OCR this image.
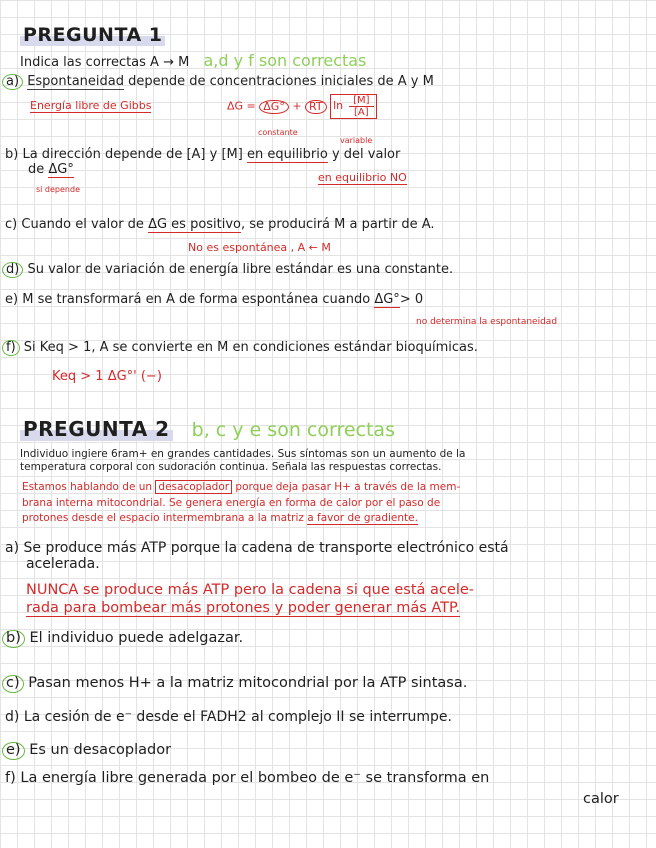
PREGUNTA 1
Indica las correctas A → M a,d y f son correctas
a) Espontaneidad depende de concentraciones iniciales de A y M
Energía libre de Gibbs	ΔG = ΔG° + RT $\ln \frac{[M]}{[A]}$
constante
variable
b) La dirección depende de [A] y [M] en equilibrio y del valor
de ΔG°
si depende
en equilibrio NO
c) Cuando el valor de ΔG es positivo, se producirá M a partir de A.
No es espontánea , A ← M
d) Su valor de variación de energía libre estándar es una constante.
e) M se transformará en A de forma espontánea cuando ΔG°> 0
no determina la espontaneidad
f) Si Keq > 1, A se convierte en M en condiciones estándar bioquímicas.
Keq > 1 ΔG°' (−)
PREGUNTA 2 b, c y e son correctas
Individuo ingiere 6ram+ en grandes cantidades. Sus síntomas son un aumento de la
temperatura corporal con sudoración continua. Señala las respuestas correctas.
Estamos hablando de un desacoplador porque deja pasar H+ a través de la mem-
brana interna mitocondrial. Se genera energía en forma de calor por el paso de
protones desde el espacio intermembrana a la matriz a favor de gradiente.
a) Se produce más ATP porque la cadena de transporte electrónico está
acelerada.
NUNCA se produce más ATP pero la cadena si que está acele-
rada para bombear más protones y poder generar más ATP.
b) El individuo puede adelgazar.
c) Pasan menos H+ a la matriz mitocondrial por la ATP sintasa.
d) La cesión de e⁻ desde el FADH2 al complejo II se interrumpe.
e) Es un desacoplador
f) La energía libre generada por el bombeo de e⁻ se transforma en
calor
